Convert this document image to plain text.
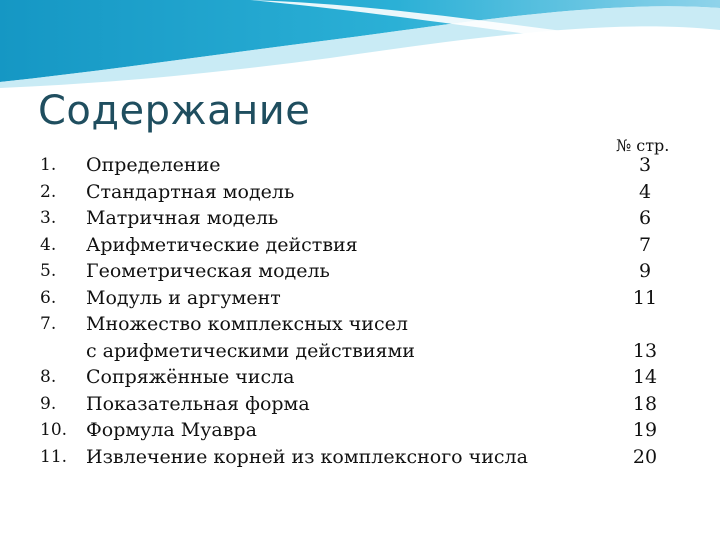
Содержание
№ стр.
1.	Определение	3
2.	Стандартная модель	4
3.	Матричная модель	6
4.	Арифметические действия	7
5.	Геометрическая модель	9
6.	Модуль и аргумент	11
7.	Множество комплексных чисел
с арифметическими действиями	13
8.	Сопряжённые числа	14
9.	Показательная форма	18
10. Формула Муавра	19
11. Извлечение корней из комплексного числа	20
